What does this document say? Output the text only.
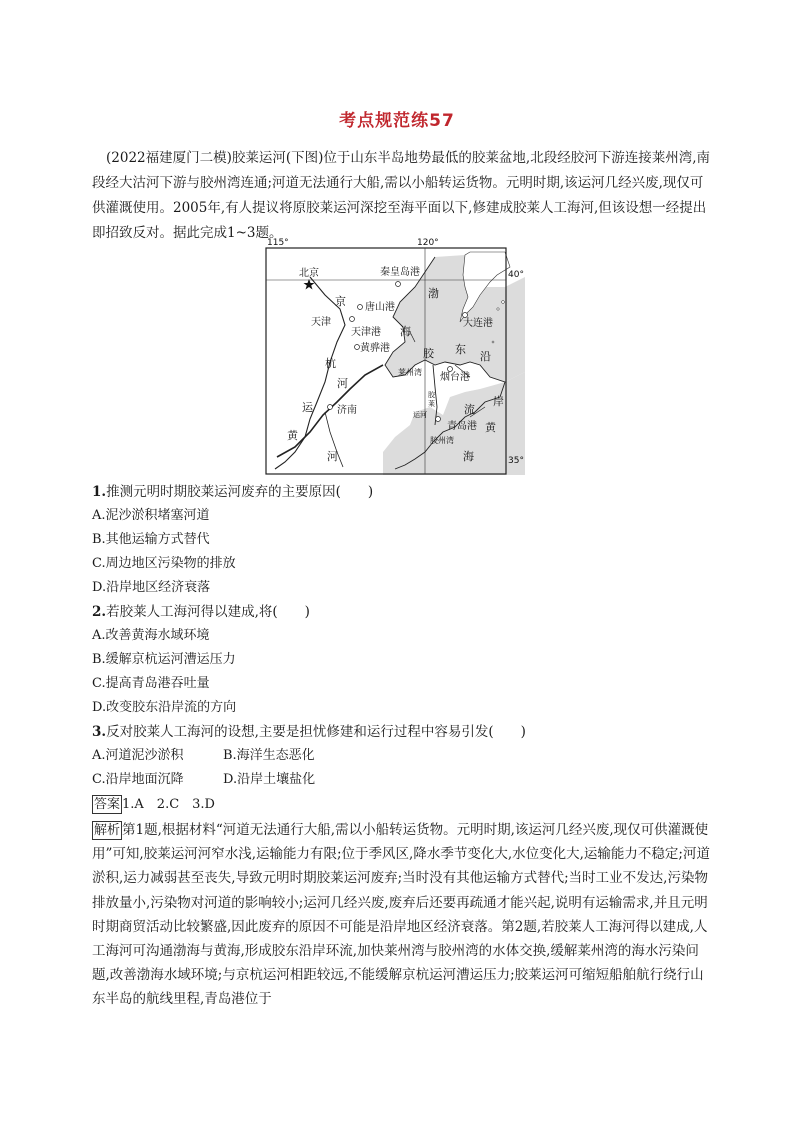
考点规范练57

(2022福建厦门二模)胶莱运河(下图)位于山东半岛地势最低的胶莱盆地,北段经胶河下游连接莱州湾,南段经大沽河下游与胶州湾连通;河道无法通行大船,需以小船转运货物。元明时期,该运河几经兴废,现仅可供灌溉使用。2005年,有人提议将原胶莱运河深挖至海平面以下,修建成胶莱人工海河,但该设想一经提出即招致反对。据此完成1~3题。

115°	120°
40°
35°
北京	秦皇岛港
渤
大连港
京 唐山港
天津
天津港 海
黄骅港	胶 东
沿
杭
莱州湾 烟台港
河
岸
运 济南
胶
莱
运河	流
黄
青岛港
黄	胶州湾
河	海

1.推测元明时期胶莱运河废弃的主要原因(　　)

A.泥沙淤积堵塞河道

B.其他运输方式替代

C.周边地区污染物的排放

D.沿岸地区经济衰落

2.若胶莱人工海河得以建成,将(　　)

A.改善黄海水域环境

B.缓解京杭运河漕运压力

C.提高青岛港吞吐量

D.改变胶东沿岸流的方向

3.反对胶莱人工海河的设想,主要是担忧修建和运行过程中容易引发(　　)

A.河道泥沙淤积	B.海洋生态恶化

C.沿岸地面沉降	D.沿岸土壤盐化

答案 1.A　2.C　3.D

解析 第1题,根据材料“河道无法通行大船,需以小船转运货物。元明时期,该运河几经兴废,现仅可供灌溉使用”可知,胶莱运河河窄水浅,运输能力有限;位于季风区,降水季节变化大,水位变化大,运输能力不稳定;河道淤积,运力减弱甚至丧失,导致元明时期胶莱运河废弃;当时没有其他运输方式替代;当时工业不发达,污染物排放量小,污染物对河道的影响较小;运河几经兴废,废弃后还要再疏通才能兴起,说明有运输需求,并且元明时期商贸活动比较繁盛,因此废弃的原因不可能是沿岸地区经济衰落。第2题,若胶莱人工海河得以建成,人工海河可沟通渤海与黄海,形成胶东沿岸环流,加快莱州湾与胶州湾的水体交换,缓解莱州湾的海水污染问题,改善渤海水域环境;与京杭运河相距较远,不能缓解京杭运河漕运压力;胶莱运河可缩短船舶航行绕行山东半岛的航线里程,青岛港位于
